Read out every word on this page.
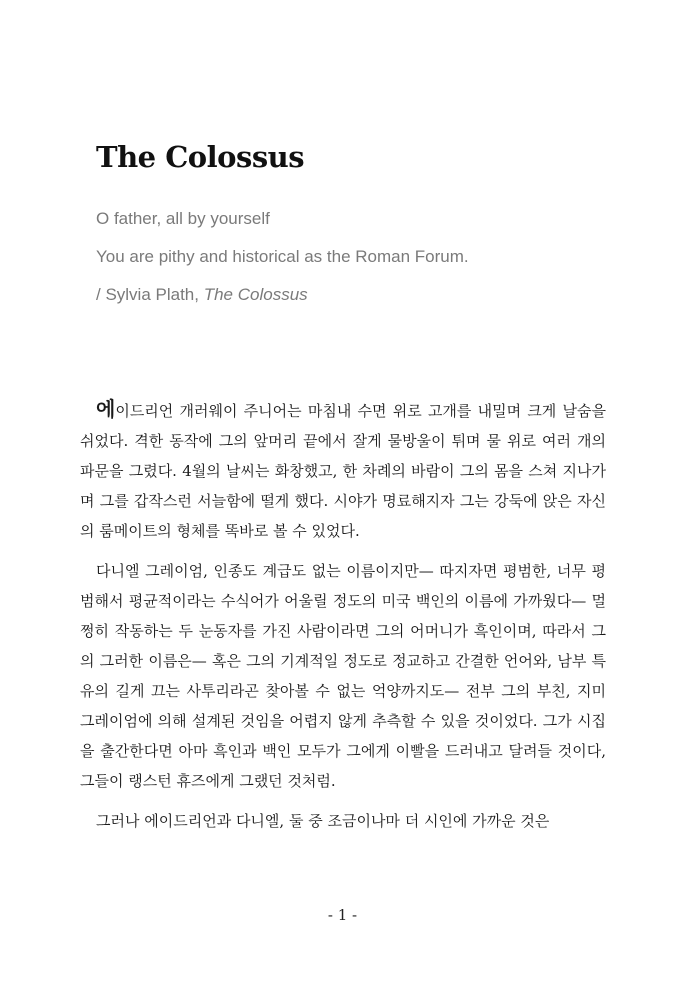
The Colossus
O father, all by yourself
You are pithy and historical as the Roman Forum.
/ Sylvia Plath, The Colossus

에이드리언 개러웨이 주니어는 마침내 수면 위로 고개를 내밀며 크게 날숨을 쉬었다. 격한 동작에 그의 앞머리 끝에서 잘게 물방울이 튀며 물 위로 여러 개의 파문을 그렸다. 4월의 날씨는 화창했고, 한 차례의 바람이 그의 몸을 스쳐 지나가며 그를 갑작스런 서늘함에 떨게 했다. 시야가 명료해지자 그는 강둑에 앉은 자신의 룸메이트의 형체를 똑바로 볼 수 있었다.

다니엘 그레이엄, 인종도 계급도 없는 이름이지만— 따지자면 평범한, 너무 평범해서 평균적이라는 수식어가 어울릴 정도의 미국 백인의 이름에 가까웠다— 멀쩡히 작동하는 두 눈동자를 가진 사람이라면 그의 어머니가 흑인이며, 따라서 그의 그러한 이름은— 혹은 그의 기계적일 정도로 정교하고 간결한 언어와, 남부 특유의 길게 끄는 사투리라곤 찾아볼 수 없는 억양까지도— 전부 그의 부친, 지미 그레이엄에 의해 설계된 것임을 어렵지 않게 추측할 수 있을 것이었다. 그가 시집을 출간한다면 아마 흑인과 백인 모두가 그에게 이빨을 드러내고 달려들 것이다, 그들이 랭스턴 휴즈에게 그랬던 것처럼.

그러나 에이드리언과 다니엘, 둘 중 조금이나마 더 시인에 가까운 것은

- 1 -
